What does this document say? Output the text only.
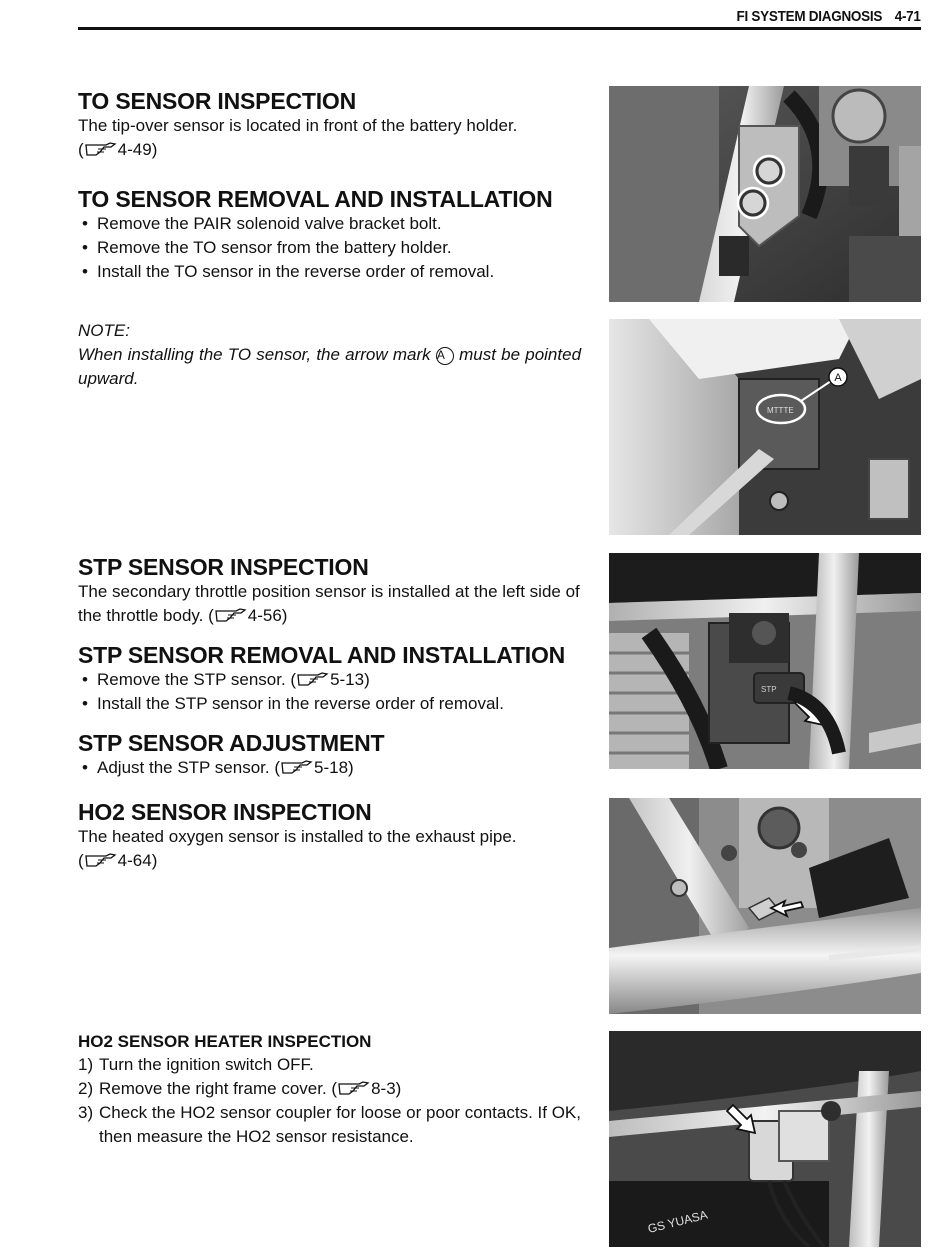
FI SYSTEM DIAGNOSIS 4-71
TO SENSOR INSPECTION

The tip-over sensor is located in front of the battery holder.
( 4-49)

TO SENSOR REMOVAL AND INSTALLATION
• Remove the PAIR solenoid valve bracket bolt.
• Remove the TO sensor from the battery holder.
• Install the TO sensor in the reverse order of removal.

NOTE:

When installing the TO sensor, the arrow mark A must be pointed upward.

STP SENSOR INSPECTION

The secondary throttle position sensor is installed at the left side of the throttle body. ( 4-56)

STP SENSOR REMOVAL AND INSTALLATION
• Remove the STP sensor. ( 5-13)
• Install the STP sensor in the reverse order of removal.
STP SENSOR ADJUSTMENT
• Adjust the STP sensor. ( 5-18)
HO2 SENSOR INSPECTION

The heated oxygen sensor is installed to the exhaust pipe.
( 4-64)

HO2 SENSOR HEATER INSPECTION
1) Turn the ignition switch OFF.
2) Remove the right frame cover. ( 8-3)
3) Check the HO2 sensor coupler for loose or poor contacts. If OK, then measure the HO2 sensor resistance.
MTTTE
A
STP
GS YUASA
